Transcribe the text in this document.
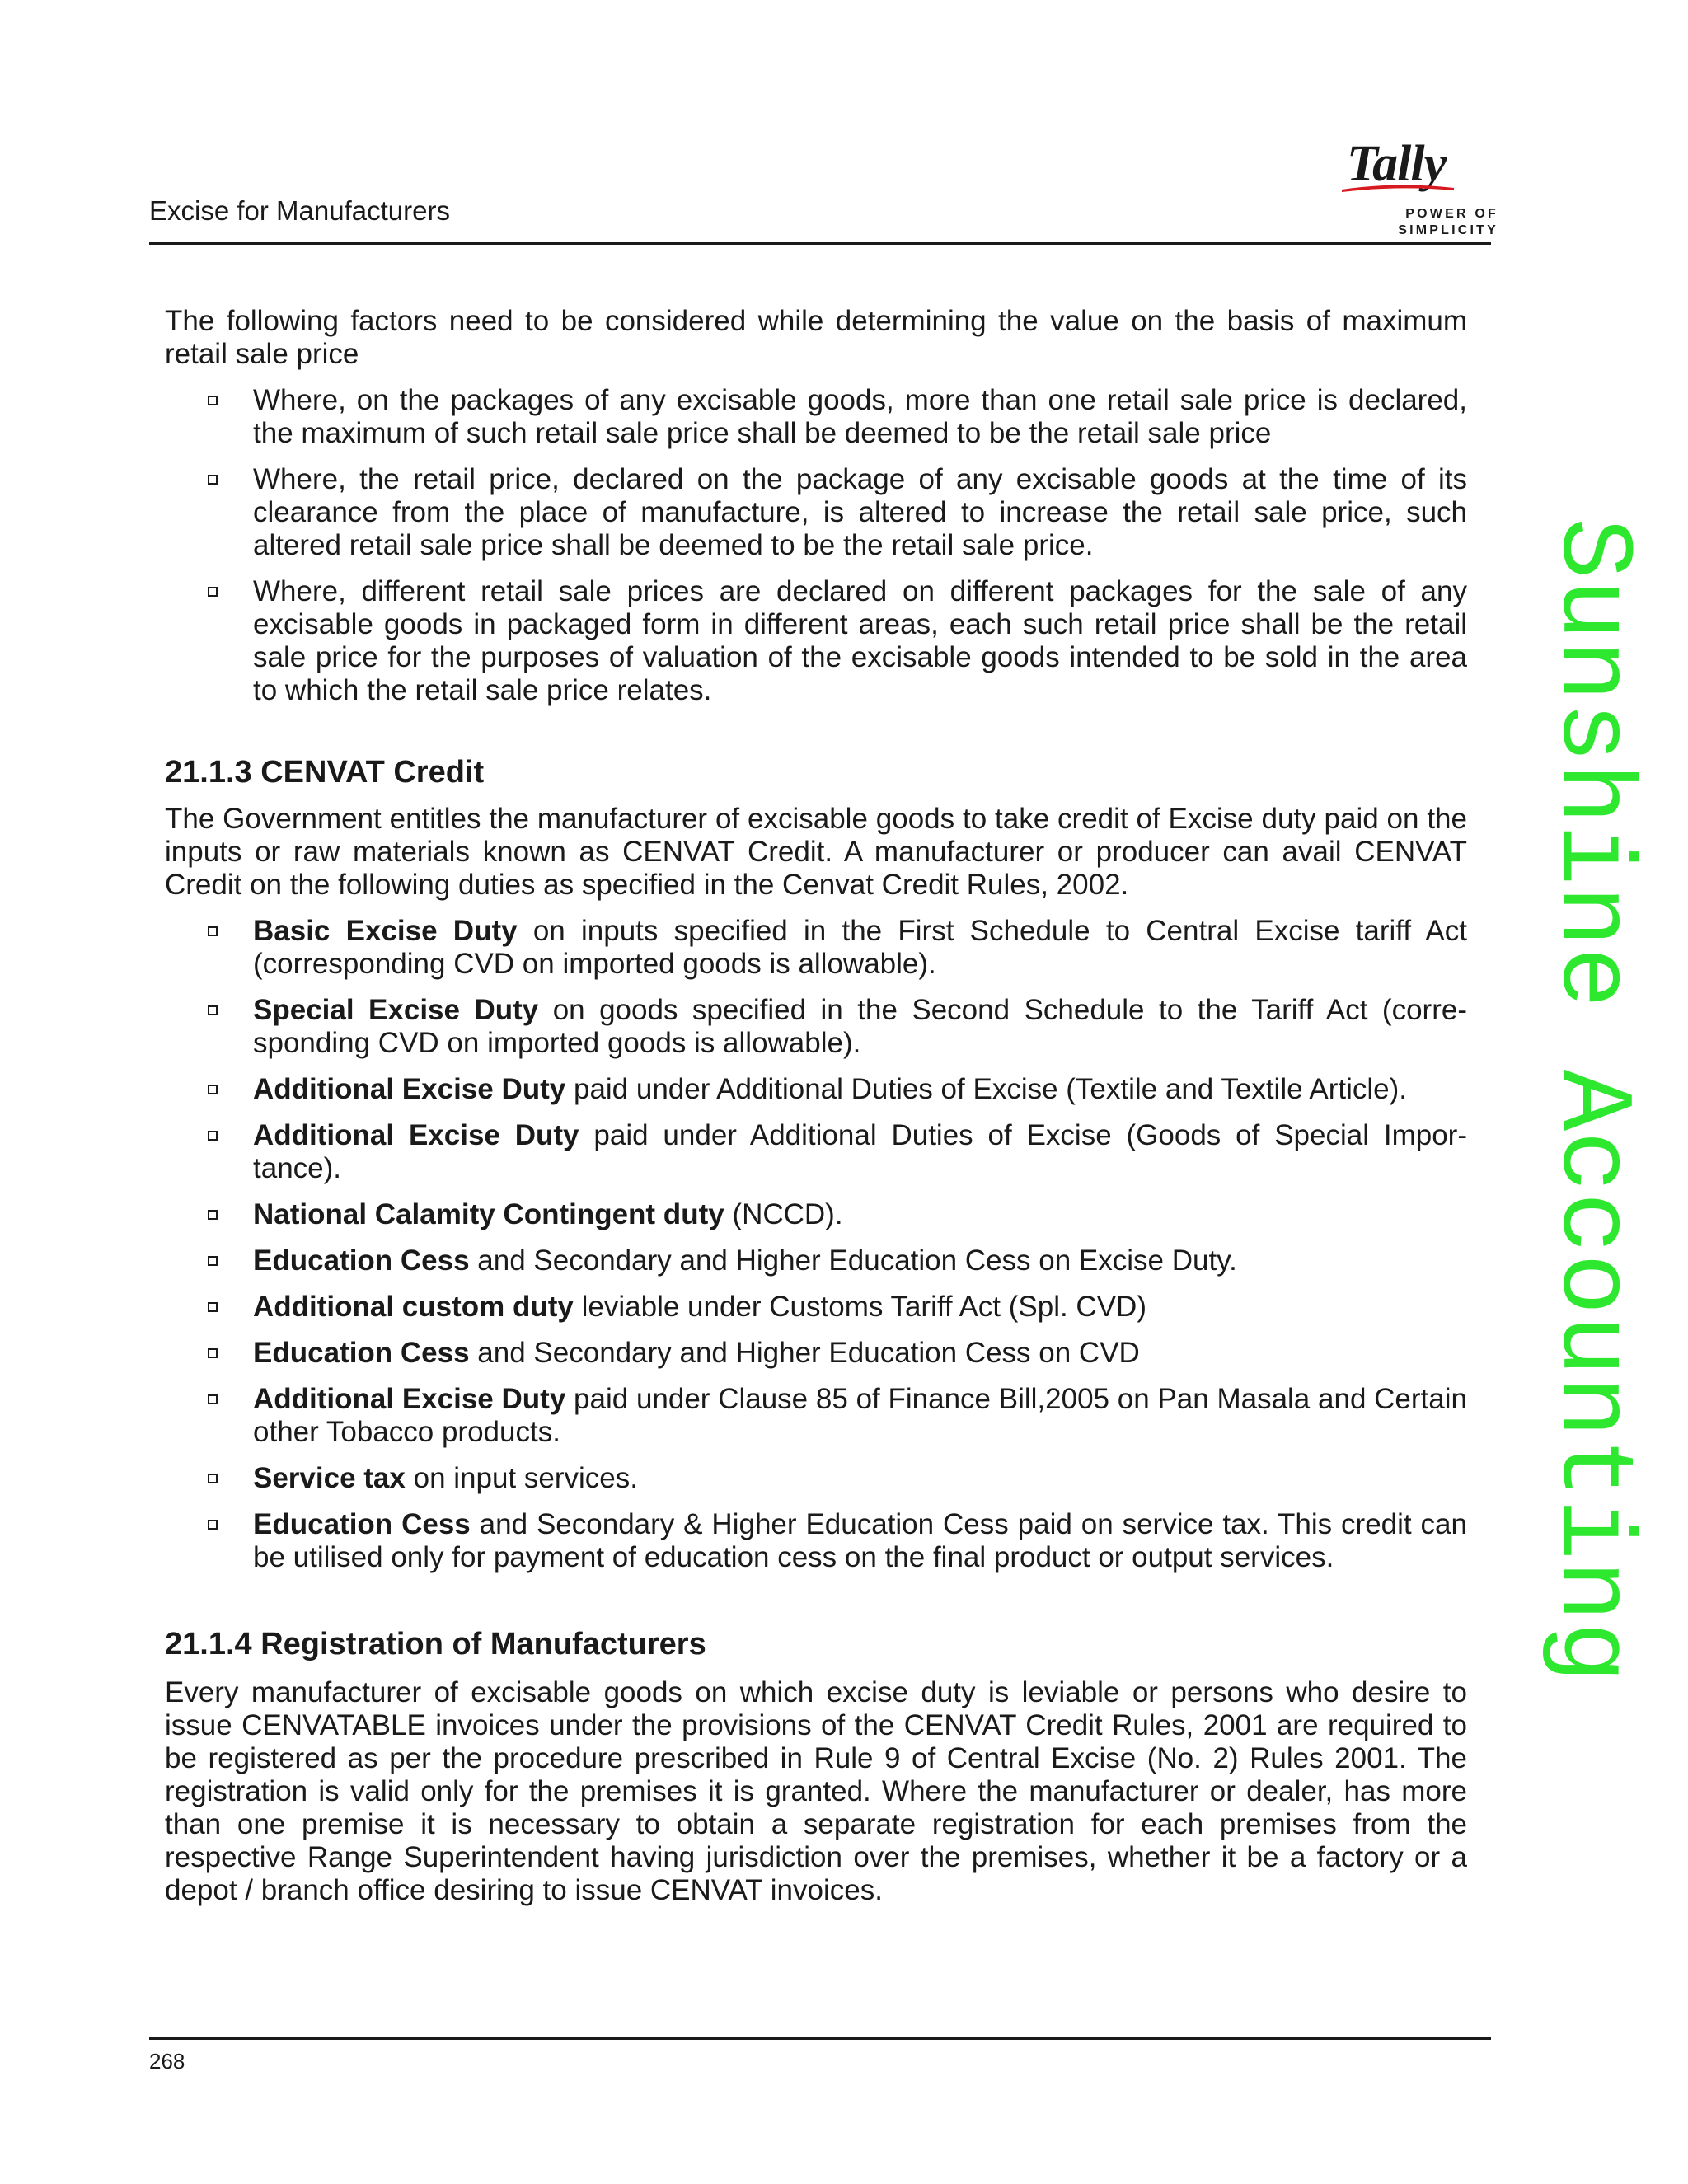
Excise for Manufacturers
Tally
POWER OF SIMPLICITY

The following factors need to be considered while determining the value on the basis of maximum retail sale price

Where, on the packages of any excisable goods, more than one retail sale price is declared, the maximum of such retail sale price shall be deemed to be the retail sale price
Where, the retail price, declared on the package of any excisable goods at the time of its clearance from the place of manufacture, is altered to increase the retail sale price, such altered retail sale price shall be deemed to be the retail sale price.
Where, different retail sale prices are declared on different packages for the sale of any excisable goods in packaged form in different areas, each such retail price shall be the retail sale price for the purposes of valuation of the excisable goods intended to be sold in the area to which the retail sale price relates.
21.1.3 CENVAT Credit

The Government entitles the manufacturer of excisable goods to take credit of Excise duty paid on the inputs or raw materials known as CENVAT Credit. A manufacturer or producer can avail CENVAT Credit on the following duties as specified in the Cenvat Credit Rules, 2002.

Basic Excise Duty on inputs specified in the First Schedule to Central Excise tariff Act (corresponding CVD on imported goods is allowable).
Special Excise Duty on goods specified in the Second Schedule to the Tariff Act (corre-sponding CVD on imported goods is allowable).
Additional Excise Duty paid under Additional Duties of Excise (Textile and Textile Article).
Additional Excise Duty paid under Additional Duties of Excise (Goods of Special Impor-tance).
National Calamity Contingent duty (NCCD).
Education Cess and Secondary and Higher Education Cess on Excise Duty.
Additional custom duty leviable under Customs Tariff Act (Spl. CVD)
Education Cess and Secondary and Higher Education Cess on CVD
Additional Excise Duty paid under Clause 85 of Finance Bill,2005 on Pan Masala and Certain other Tobacco products.
Service tax on input services.
Education Cess and Secondary & Higher Education Cess paid on service tax. This credit can be utilised only for payment of education cess on the final product or output services.
21.1.4 Registration of Manufacturers

Every manufacturer of excisable goods on which excise duty is leviable or persons who desire to issue CENVATABLE invoices under the provisions of the CENVAT Credit Rules, 2001 are required to be registered as per the procedure prescribed in Rule 9 of Central Excise (No. 2) Rules 2001. The registration is valid only for the premises it is granted. Where the manufacturer or dealer, has more than one premise it is necessary to obtain a separate registration for each premises from the respective Range Superintendent having jurisdiction over the premises, whether it be a factory or a depot / branch office desiring to issue CENVAT invoices.

268
Sunshine Accounting
